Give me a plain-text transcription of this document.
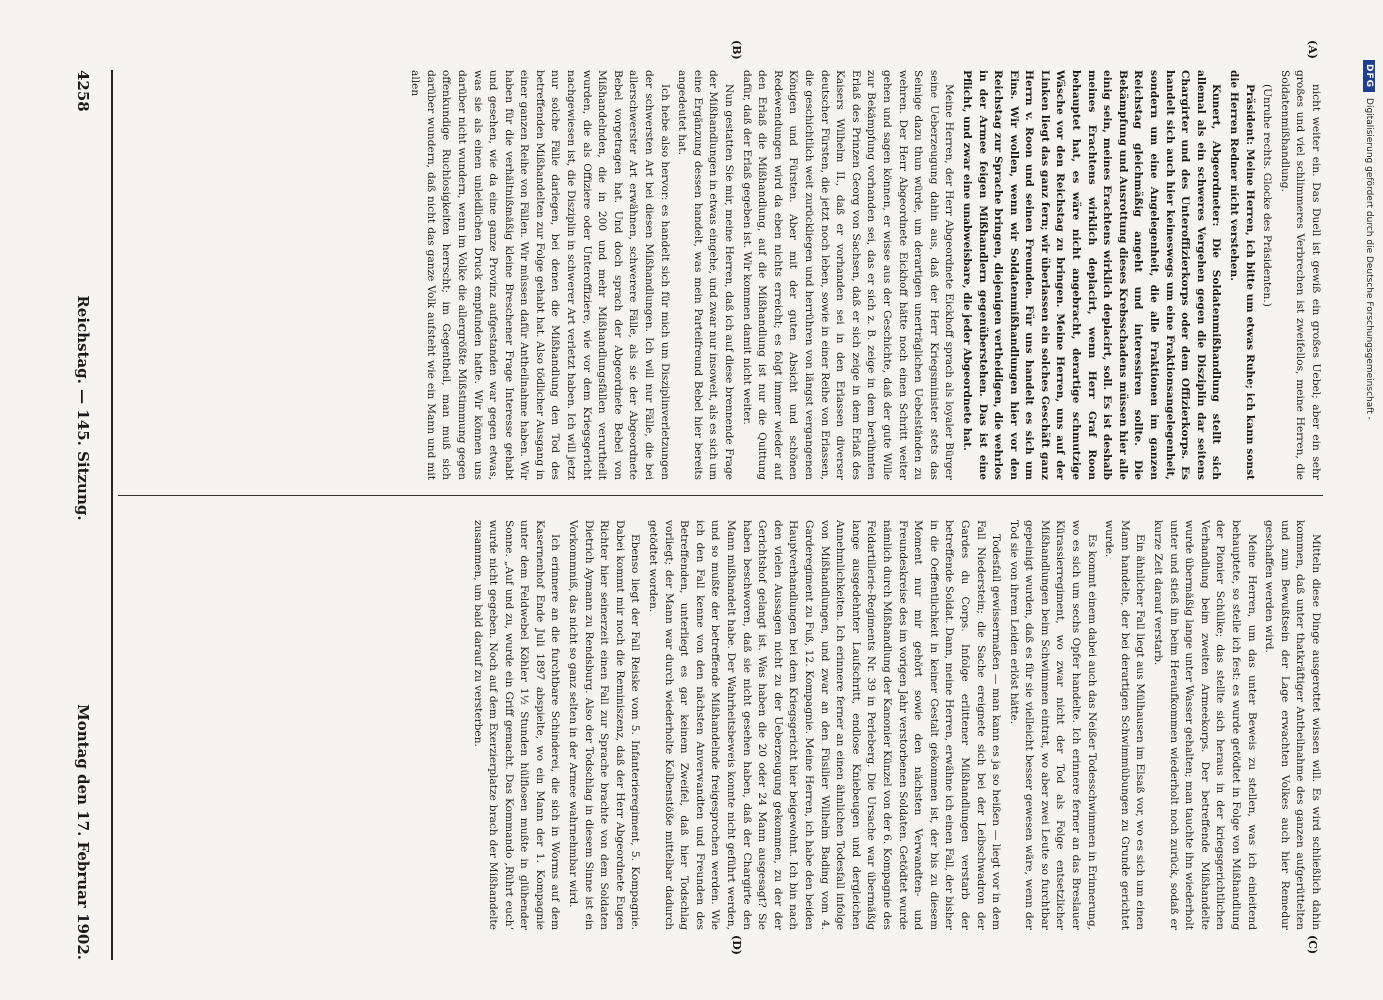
DFG
Digitalisierung gefördert durch die Deutsche Forschungsgemeinschaft -

nicht weiter ein. Das Duell ist gewiß ein großes Uebel; aber ein sehr großes und viel schlimmeres Verbrechen ist zweifellos, meine Herren, die Soldatenmißhandlung.

(Unruhe rechts. Glocke des Präsidenten.)

Präsident: Meine Herren, ich bitte um etwas Ruhe; ich kann sonst die Herren Redner nicht verstehen.

Kunert, Abgeordneter: Die Soldatenmißhandlung stellt sich allemal als ein schweres Vergehen gegen die Disziplin dar seitens Chargirter und des Unteroffizierkorps oder dem Offizierkorps. Es handelt sich auch hier keineswegs um eine Fraktionsangelegenheit, sondern um eine Angelegenheit, die alle Fraktionen im ganzen Reichstag gleichmäßig angeht und interessiren sollte. Die Bekämpfung und Ausrottung dieses Krebsschadens müssen hier alle einig sein, meines Erachtens wirklich deplacirt, soll. Es ist deshalb meines Erachtens wirklich deplacirt, wenn Herr Graf Roon behauptet hat, es wäre nicht angebracht, derartige schmutzige Wäsche vor den Reichstag zu bringen. Meine Herren, uns auf der Linken liegt das ganz fern; wir überlassen ein solches Geschäft ganz Herrn v. Roon und seinen Freunden. Für uns handelt es sich um Eins. Wir wollen, wenn wir Soldatenmißhandlungen hier vor den Reichstag zur Sprache bringen, diejenigen vertheidigen, die wehrlos in der Armee feigen Mißhandlern gegenüberstehen. Das ist eine Pflicht, und zwar eine unabweisbare, die jeder Abgeordnete hat.

Meine Herren, der Herr Abgeordnete Eickhoff sprach als loyaler Bürger seine Ueberzeugung dahin aus, daß der Herr Kriegsminister stets das Seinige dazu thun würde, um derartigen unerträglichen Uebelständen zu wehren. Der Herr Abgeordnete Eickhoff hätte noch einen Schritt weiter gehen und sagen können, er wisse aus der Geschichte, daß der gute Wille zur Bekämpfung vorhanden sei, das er sich z. B. zeige in dem berühmten Erlaß des Prinzen Georg von Sachsen, daß er sich zeige in dem Erlaß des Kaisers Wilhelm II., daß er vorhanden sei in den Erlassen diverser deutscher Fürsten, die jetzt noch leben, sowie in einer Reihe von Erlassen, die geschichtlich weit zurückliegen und herrühren von längst vergangenen Königen und Fürsten. Aber mit der guten Absicht und schönen Redewendungen wird da eben nichts erreicht; es folgt immer wieder auf den Erlaß die Mißhandlung, auf die Mißhandlung ist nur die Quittung dafür, daß der Erlaß gegeben ist. Wir kommen damit nicht weiter.

Nun gestatten Sie mir, meine Herren, daß ich auf diese brennende Frage der Mißhandlungen in etwas eingehe, und zwar nur insoweit, als es sich um eine Ergänzung dessen handelt, was mein Parteifreund Bebel hier bereits angedeutet hat.

Ich hebe also hervor: es handelt sich für mich um Disziplinverletzungen der schwersten Art bei diesen Mißhandlungen. Ich will nur Fälle, die bei allerschwerster Art erwähnen, schwerere Fälle, als sie der Abgeordnete Bebel vorgetragen hat. Und doch sprach der Abgeordnete Bebel von Mißhandelnden, die in 200 und mehr Mißhandlungsfällen verurtheilt wurden, die als Offiziere oder Unteroffiziere, wie vor dem Kriegsgericht nachgewiesen ist, die Disziplin in schwerer Art verletzt haben. Ich will jetzt nur solche Fälle darlegen, bei denen die Mißhandlung den Tod des betreffenden Mißhandelten zur Folge gehabt hat. Also tödlicher Ausgang in einer ganzen Reihe von Fällen. Wir müssen dafür Antheilnahme haben. Wir haben für die verhältnißmäßig kleine Breschener Frage Interesse gehabt und gesehen, wie da eine ganze Provinz aufgestanden war gegen etwas, was sie als einen unleidlichen Druck empfunden hatte. Wir können uns darüber nicht wundern, wenn im Volke die allergrößte Mißstimmung gegen offenkundige Ruchlosigkeiten herrscht; im Gegentheil, man muß sich darüber wundern, daß nicht das ganze Volk aufsteht wie ein Mann und mit allen

Mitteln diese Dinge ausgerottet wissen will. Es wird schließlich dahin kommen, daß unter thatkräftiger Antheilnahme des ganzen aufgerüttelten und zum Bewußtsein der Lage erwachten Volkes auch hier Remedur geschaffen werden wird.

Meine Herren, um das unter Beweis zu stellen, was ich einleitend behauptete, so stelle ich fest: es wurde getödtet in Folge von Mißhandlung der Pionier Schülke; das stellte sich heraus in der kriegsgerichtlichen Verhandlung beim zweiten Armeekorps. Der betreffende Mißhandelte wurde übermäßig lange unter Wasser gehalten; man tauchte ihn wiederholt unter und stieß ihn beim Heraufkommen wiederholt noch zurück, sodaß er kurze Zeit darauf verstarb.

Ein ähnlicher Fall liegt aus Mülhausen im Elsaß vor, wo es sich um einen Mann handelte, der bei derartigen Schwimmübungen zu Grunde gerichtet wurde.

Es kommt einem dabei auch das Neißer Todesschwimmen in Erinnerung, wo es sich um sechs Opfer handelte. Ich erinnere ferner an das Breslauer Kürassierregiment, wo zwar nicht der Tod als Folge entsetzlicher Mißhandlungen beim Schwimmen eintrat, wo aber zwei Leute so furchtbar gepeinigt wurden, daß es für sie vielleicht besser gewesen wäre, wenn der Tod sie von ihrem Leiden erlöst hätte.

Todesfall gewissermaßen — man kann es ja so heißen — liegt vor in dem Fall Niederstein; die Sache ereignete sich bei der Leibschwadron der Gardes du Corps. Infolge erlittener Mißhandlungen verstarb der betreffende Soldat. Dann, meine Herren, erwähne ich einen Fall, der bisher in die Oeffentlichkeit in keiner Gestalt gekommen ist, der bis zu diesem Moment nur mir gehört sowie den nächsten Verwandten- und Freundeskreise des im vorigen Jahr verstorbenen Soldaten. Getödtet wurde nämlich durch Mißhandlung der Kanonier Künzel von der 6. Kompagnie des Feldartillerie-Regiments Nr. 39 in Perleberg. Die Ursache war übermäßig lange ausgedehnter Laufschritt, endlose Kniebeugen und dergleichen Annehmlichkeiten. Ich erinnere ferner an einen ähnlichen Todesfall infolge von Mißhandlungen, und zwar an den Füsilier Wilhelm Bading vom 4. Garderegiment zu Fuß, 12. Kompagnie. Meine Herren, ich habe den beiden Hauptverhandlungen bei dem Kriegsgericht hier beigewohnt. Ich bin nach den vielen Aussagen nicht zu der Ueberzeugung gekommen, zu der der Gerichtshof gelangt ist. Was haben die 20 oder 24 Mann ausgesagt? Sie haben beschworen, daß sie nicht gesehen haben, daß der Chargirte den Mann mißhandelt habe. Der Wahrheitsbeweis konnte nicht geführt werden, und so mußte der betreffende Mißhandelnde freigesprochen werden. Wie ich den Fall kenne von den nächsten Anverwandten und Freunden des Betreffenden, unterliegt es gar keinem Zweifel, daß hier Todschlag vorliegt; der Mann war durch wiederholte Kolbenstöße mittelbar dadurch getödtet worden.

Ebenso liegt der Fall Reiske vom 5. Infanterieregiment, 5. Kompagnie. Dabei kommt mir noch die Reminiszenz, daß der Herr Abgeordnete Eugen Richter hier seinerzeit einen Fall zur Sprache brachte von dem Soldaten Dietrich Aymann zu Rendsburg. Also der Todschlag in diesem Sinne ist ein Vorkommniß, das nicht so ganz selten in der Armee wahrnehmbar wird.

Ich erinnere an die furchtbare Schinderei, die sich in Worms auf dem Kasernenhof Ende Juli 1897 abspielte, wo ein Mann der 1. Kompagnie unter dem Feldwebel Köhler 1½ Stunden hülflosen mußte in glühender Sonne. „Auf und zu, wurde ein Griff gemacht. Das Kommando ‚Rührt euch‘ wurde nicht gegeben. Noch auf dem Exerzierplatze brach der Mißhandelte zusammen, um bald darauf zu versterben.

(A)
(B)
(C)
(D)
4258
Reichstag. — 145. Sitzung.
Montag den 17. Februar 1902.
